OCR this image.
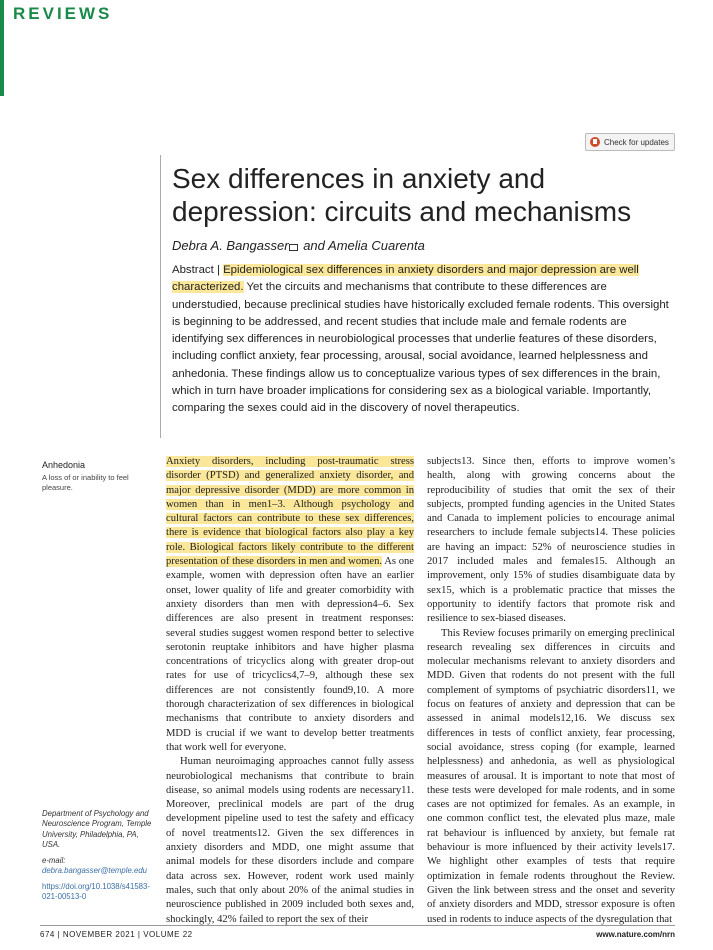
REVIEWS
Check for updates
Sex differences in anxiety and depression: circuits and mechanisms
Debra A. Bangasser and Amelia Cuarenta
Abstract | Epidemiological sex differences in anxiety disorders and major depression are well characterized. Yet the circuits and mechanisms that contribute to these differences are understudied, because preclinical studies have historically excluded female rodents. This oversight is beginning to be addressed, and recent studies that include male and female rodents are identifying sex differences in neurobiological processes that underlie features of these disorders, including conflict anxiety, fear processing, arousal, social avoidance, learned helplessness and anhedonia. These findings allow us to conceptualize various types of sex differences in the brain, which in turn have broader implications for considering sex as a biological variable. Importantly, comparing the sexes could aid in the discovery of novel therapeutics.
Anhedonia
A loss of or inability to feel pleasure.

Anxiety disorders, including post-traumatic stress disorder (PTSD) and generalized anxiety disorder, and major depressive disorder (MDD) are more common in women than in men1–3. Although psychology and cultural factors can contribute to these sex differences, there is evidence that biological factors also play a key role. Biological factors likely contribute to the different presentation of these disorders in men and women. As one example, women with depression often have an earlier onset, lower quality of life and greater comorbidity with anxiety disorders than men with depression4–6. Sex differences are also present in treatment responses: several studies suggest women respond better to selective serotonin reuptake inhibitors and have higher plasma concentrations of tricyclics along with greater drop-out rates for use of tricyclics4,7–9, although these sex differences are not consistently found9,10. A more thorough characterization of sex differences in biological mechanisms that contribute to anxiety disorders and MDD is crucial if we want to develop better treatments that work well for everyone.

Human neuroimaging approaches cannot fully assess neurobiological mechanisms that contribute to brain disease, so animal models using rodents are necessary11. Moreover, preclinical models are part of the drug development pipeline used to test the safety and efficacy of novel treatments12. Given the sex differences in anxiety disorders and MDD, one might assume that animal models for these disorders include and compare data across sex. However, rodent work used mainly males, such that only about 20% of the animal studies in neuroscience published in 2009 included both sexes and, shockingly, 42% failed to report the sex of their

subjects13. Since then, efforts to improve women’s health, along with growing concerns about the reproducibility of studies that omit the sex of their subjects, prompted funding agencies in the United States and Canada to implement policies to encourage animal researchers to include female subjects14. These policies are having an impact: 52% of neuroscience studies in 2017 included males and females15. Although an improvement, only 15% of studies disambiguate data by sex15, which is a problematic practice that misses the opportunity to identify factors that promote risk and resilience to sex-biased diseases.

This Review focuses primarily on emerging preclinical research revealing sex differences in circuits and molecular mechanisms relevant to anxiety disorders and MDD. Given that rodents do not present with the full complement of symptoms of psychiatric disorders11, we focus on features of anxiety and depression that can be assessed in animal models12,16. We discuss sex differences in tests of conflict anxiety, fear processing, social avoidance, stress coping (for example, learned helplessness) and anhedonia, as well as physiological measures of arousal. It is important to note that most of these tests were developed for male rodents, and in some cases are not optimized for females. As an example, in one common conflict test, the elevated plus maze, male rat behaviour is influenced by anxiety, but female rat behaviour is more influenced by their activity levels17. We highlight other examples of tests that require optimization in female rodents throughout the Review. Given the link between stress and the onset and severity of anxiety disorders and MDD, stressor exposure is often used in rodents to induce aspects of the dysregulation that

Department of Psychology and Neuroscience Program, Temple University, Philadelphia, PA, USA.
e-mail: debra.bangasser@temple.edu
https://doi.org/10.1038/s41583-021-00513-0
674 | NOVEMBER 2021 | VOLUME 22	www.nature.com/nrn
